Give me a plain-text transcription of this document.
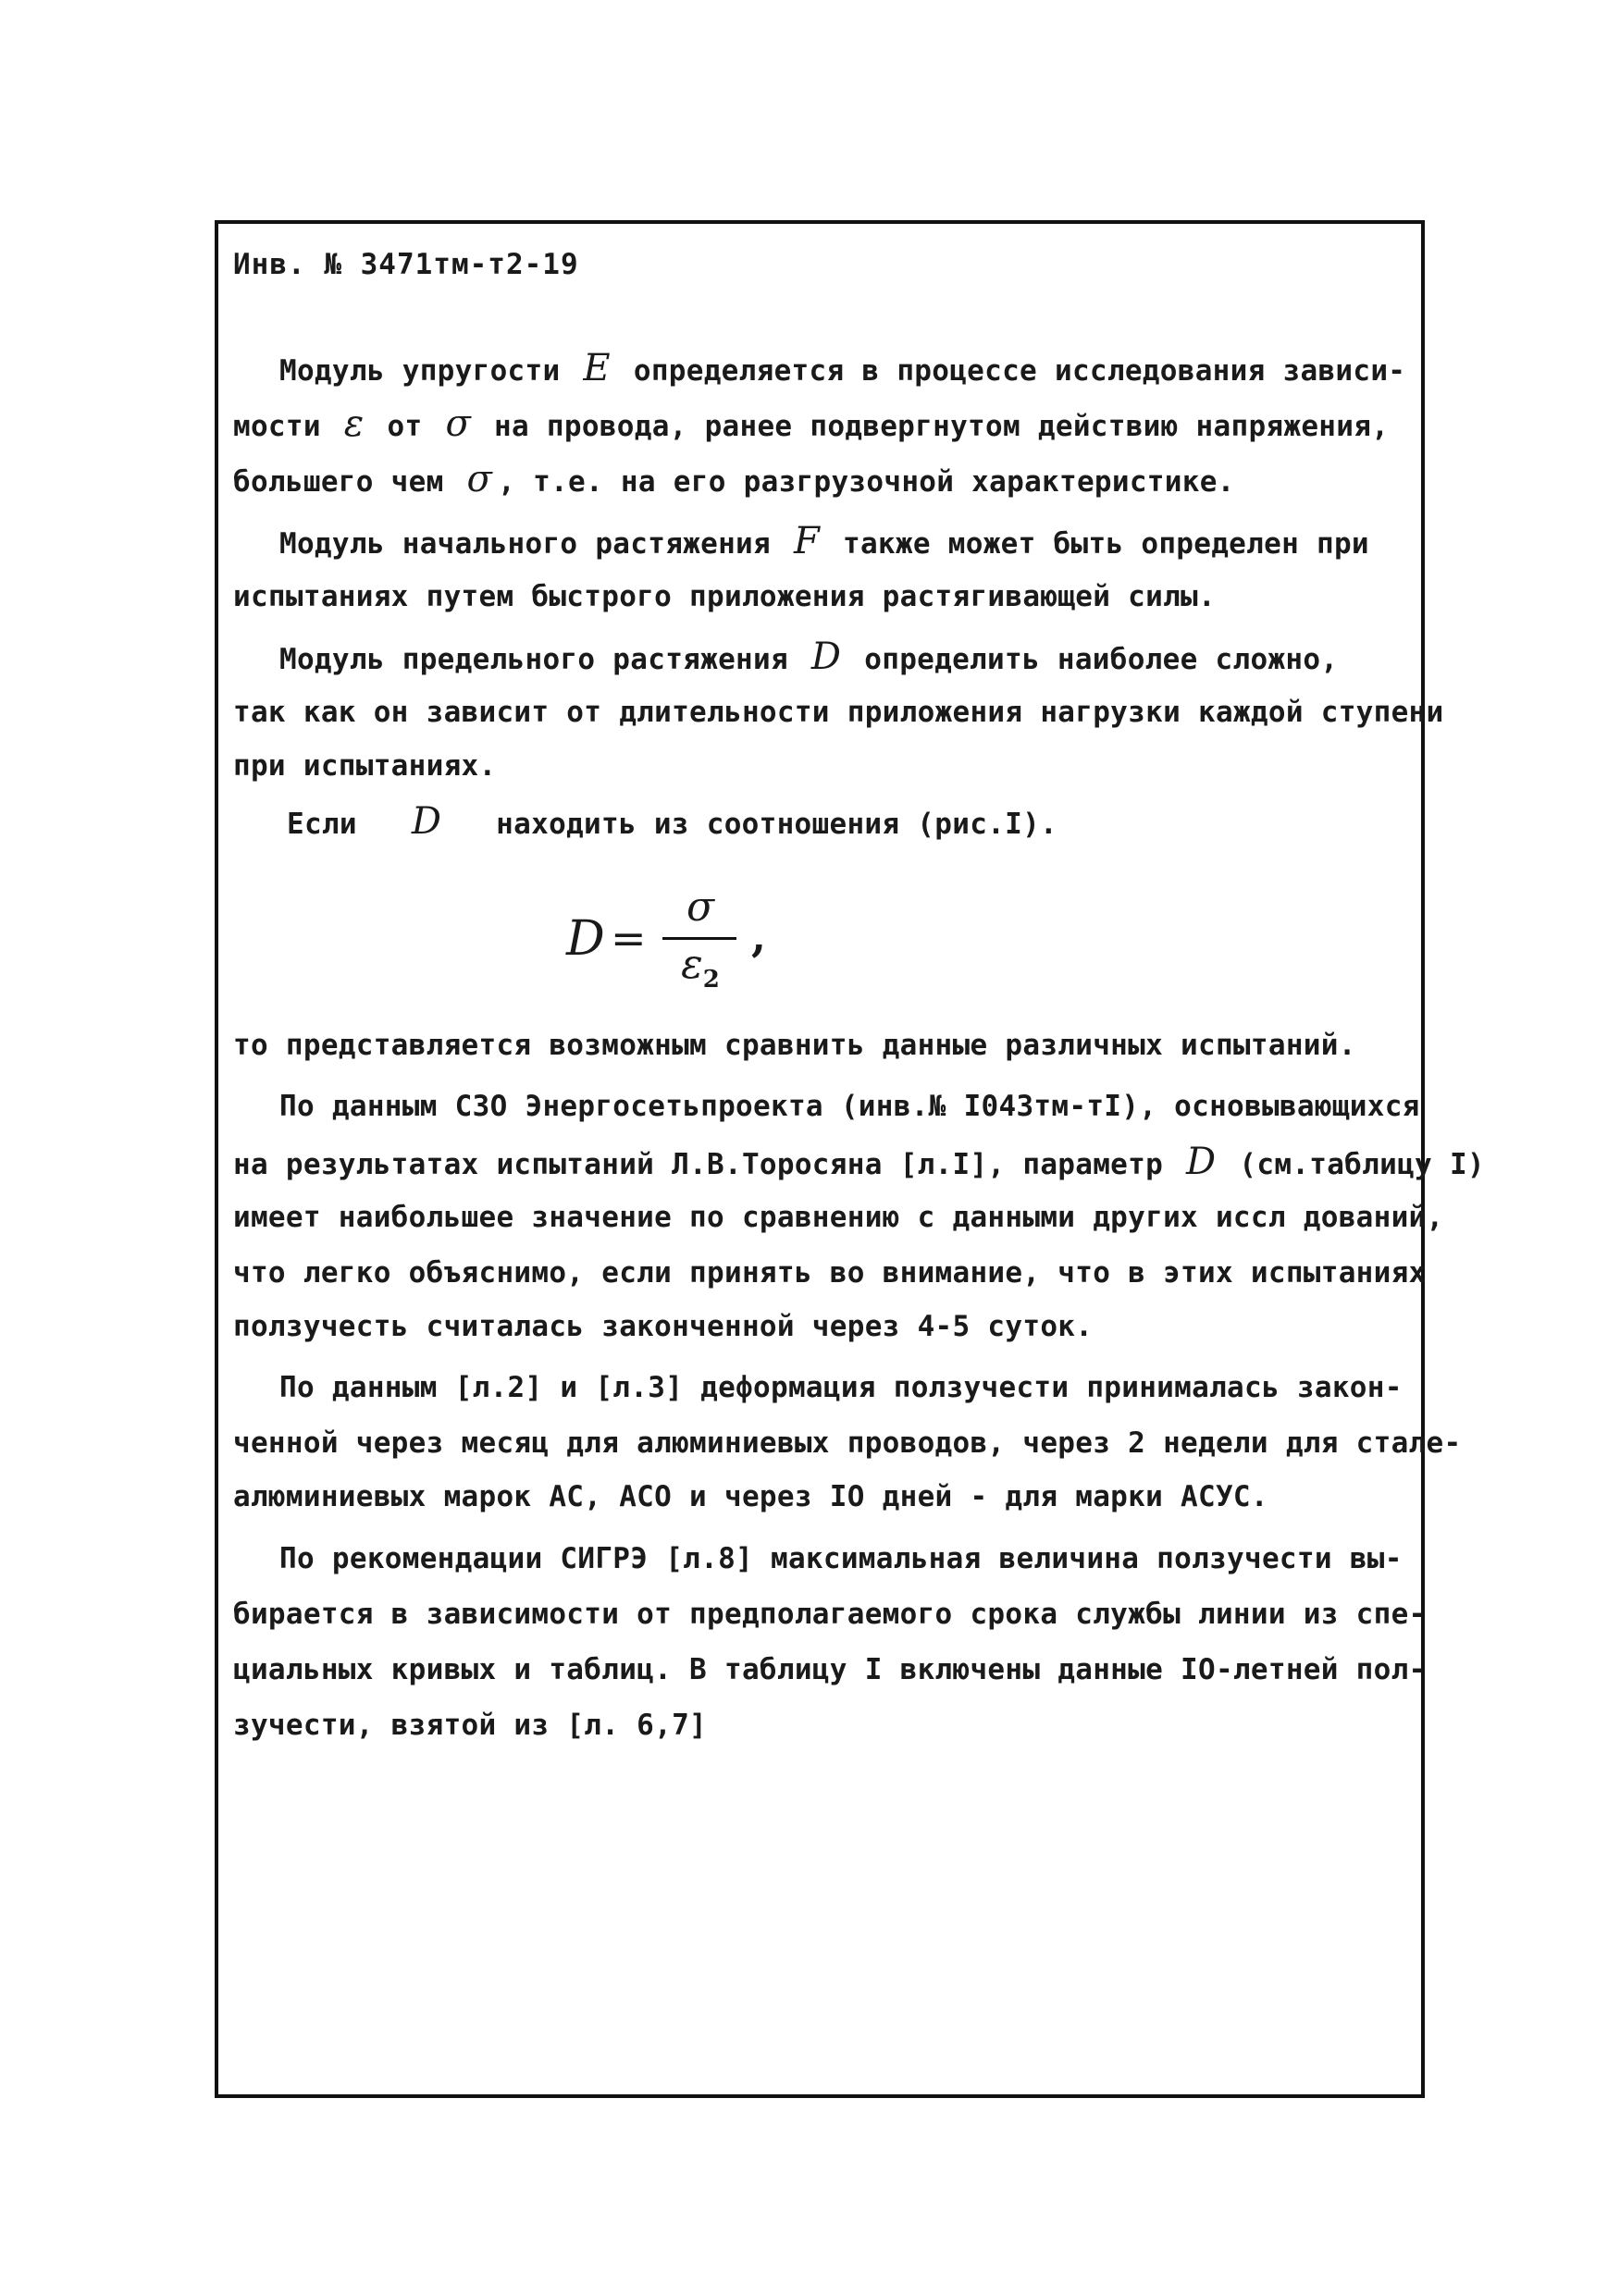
Инв. № 3471тм-т2-19
Модуль упругости E определяется в процессе исследования зависи-
мости ε от σ на провода, ранее подвергнутом действию напряжения,
большего чем σ , т.е. на его разгрузочной характеристике.
Модуль начального растяжения F также может быть определен при
испытаниях путем быстрого приложения растягивающей силы.
Модуль предельного растяжения D определить наиболее сложно,
так как он зависит от длительности приложения нагрузки каждой ступени
при испытаниях.
Если D находить из соотношения (рис.I).
D =
σ
$\varepsilon_2$
,
то представляется возможным сравнить данные различных испытаний.
По данным СЗО Энергосетьпроекта (инв.№ I043тм-тI), основывающихся
на результатах испытаний Л.В.Торосяна [л.I], параметр D (см.таблицу I)
имеет наибольшее значение по сравнению с данными других иссл дований,
что легко объяснимо, если принять во внимание, что в этих испытаниях
ползучесть считалась законченной через 4-5 суток.
По данным [л.2] и [л.3] деформация ползучести принималась закон-
ченной через месяц для алюминиевых проводов, через 2 недели для стале-
алюминиевых марок АС, АСО и через IO дней - для марки АСУС.
По рекомендации СИГРЭ [л.8] максимальная величина ползучести вы-
бирается в зависимости от предполагаемого срока службы линии из спе-
циальных кривых и таблиц. В таблицу I включены данные IO-летней пол-
зучести, взятой из [л. 6,7]
